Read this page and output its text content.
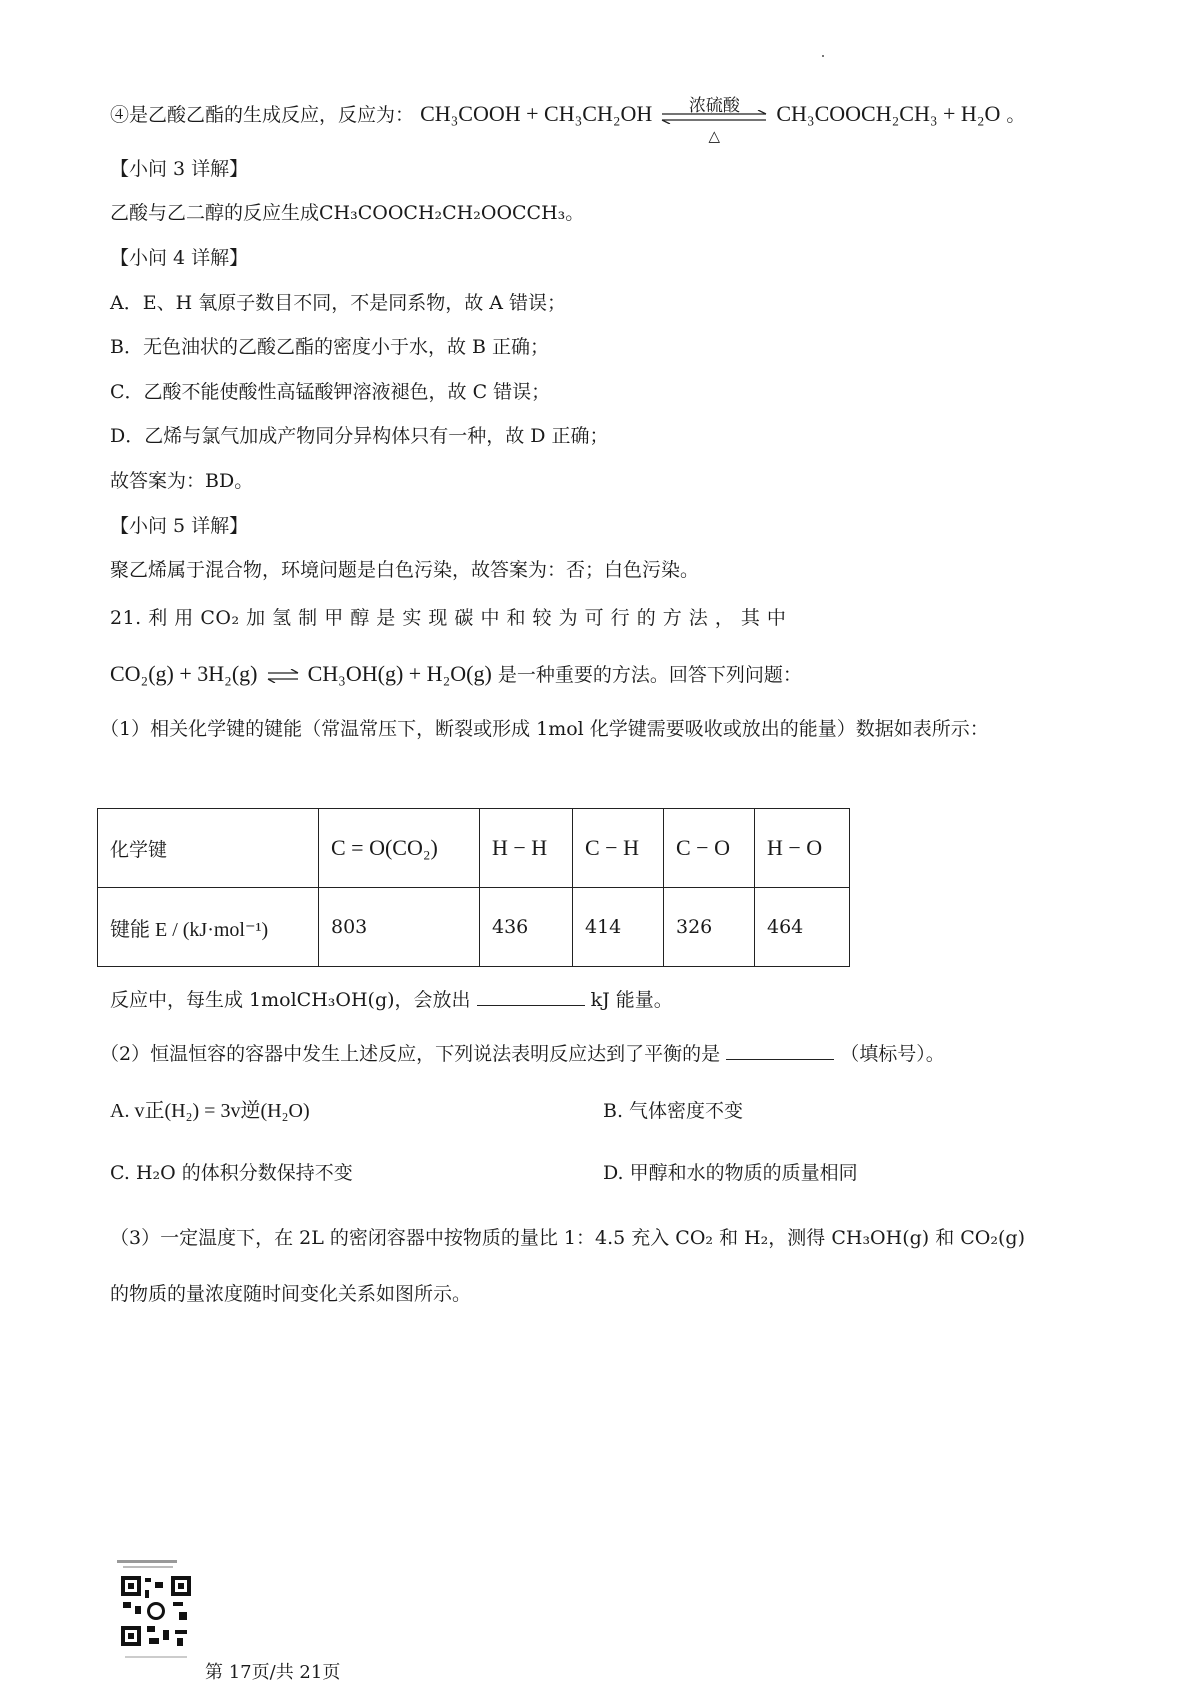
④是乙酸乙酯的生成反应，反应为： CH₃COOH + CH₃CH₂OH	浓硫酸
△
CH₃COOCH₂CH₃ + H₂O 。
【小问 3 详解】
乙酸与乙二醇的反应生成CH₃COOCH₂CH₂OOCCH₃。
【小问 4 详解】
A．E、H 氧原子数目不同，不是同系物，故 A 错误；
B．无色油状的乙酸乙酯的密度小于水，故 B 正确；
C．乙酸不能使酸性高锰酸钾溶液褪色，故 C 错误；
D．乙烯与氯气加成产物同分异构体只有一种，故 D 正确；
故答案为：BD。
【小问 5 详解】
聚乙烯属于混合物，环境问题是白色污染，故答案为：否；白色污染。
21. 利 用 CO₂ 加 氢 制 甲 醇 是 实 现 碳 中 和 较 为 可 行 的 方 法 ， 其 中
CO₂(g) + 3H₂(g) ⇌ CH₃OH(g) + H₂O(g) 是一种重要的方法。回答下列问题：
（1）相关化学键的键能（常温常压下，断裂或形成 1mol 化学键需要吸收或放出的能量）数据如表所示：
化学键	C = O(CO₂)	H − H	C − H	C − O	H − O
键能 E / (kJ·mol⁻¹)	803	436	414	326	464
反应中，每生成 1molCH₃OH(g)，会放出	kJ 能量。
（2）恒温恒容的容器中发生上述反应，下列说法表明反应达到了平衡的是	（填标号）。
A. v正(H₂) = 3v逆(H₂O)	B. 气体密度不变
C. H₂O 的体积分数保持不变	D. 甲醇和水的物质的质量相同
（3）一定温度下，在 2L 的密闭容器中按物质的量比 1：4.5 充入 CO₂ 和 H₂，测得 CH₃OH(g) 和 CO₂(g)
的物质的量浓度随时间变化关系如图所示。
第 17页/共 21页
